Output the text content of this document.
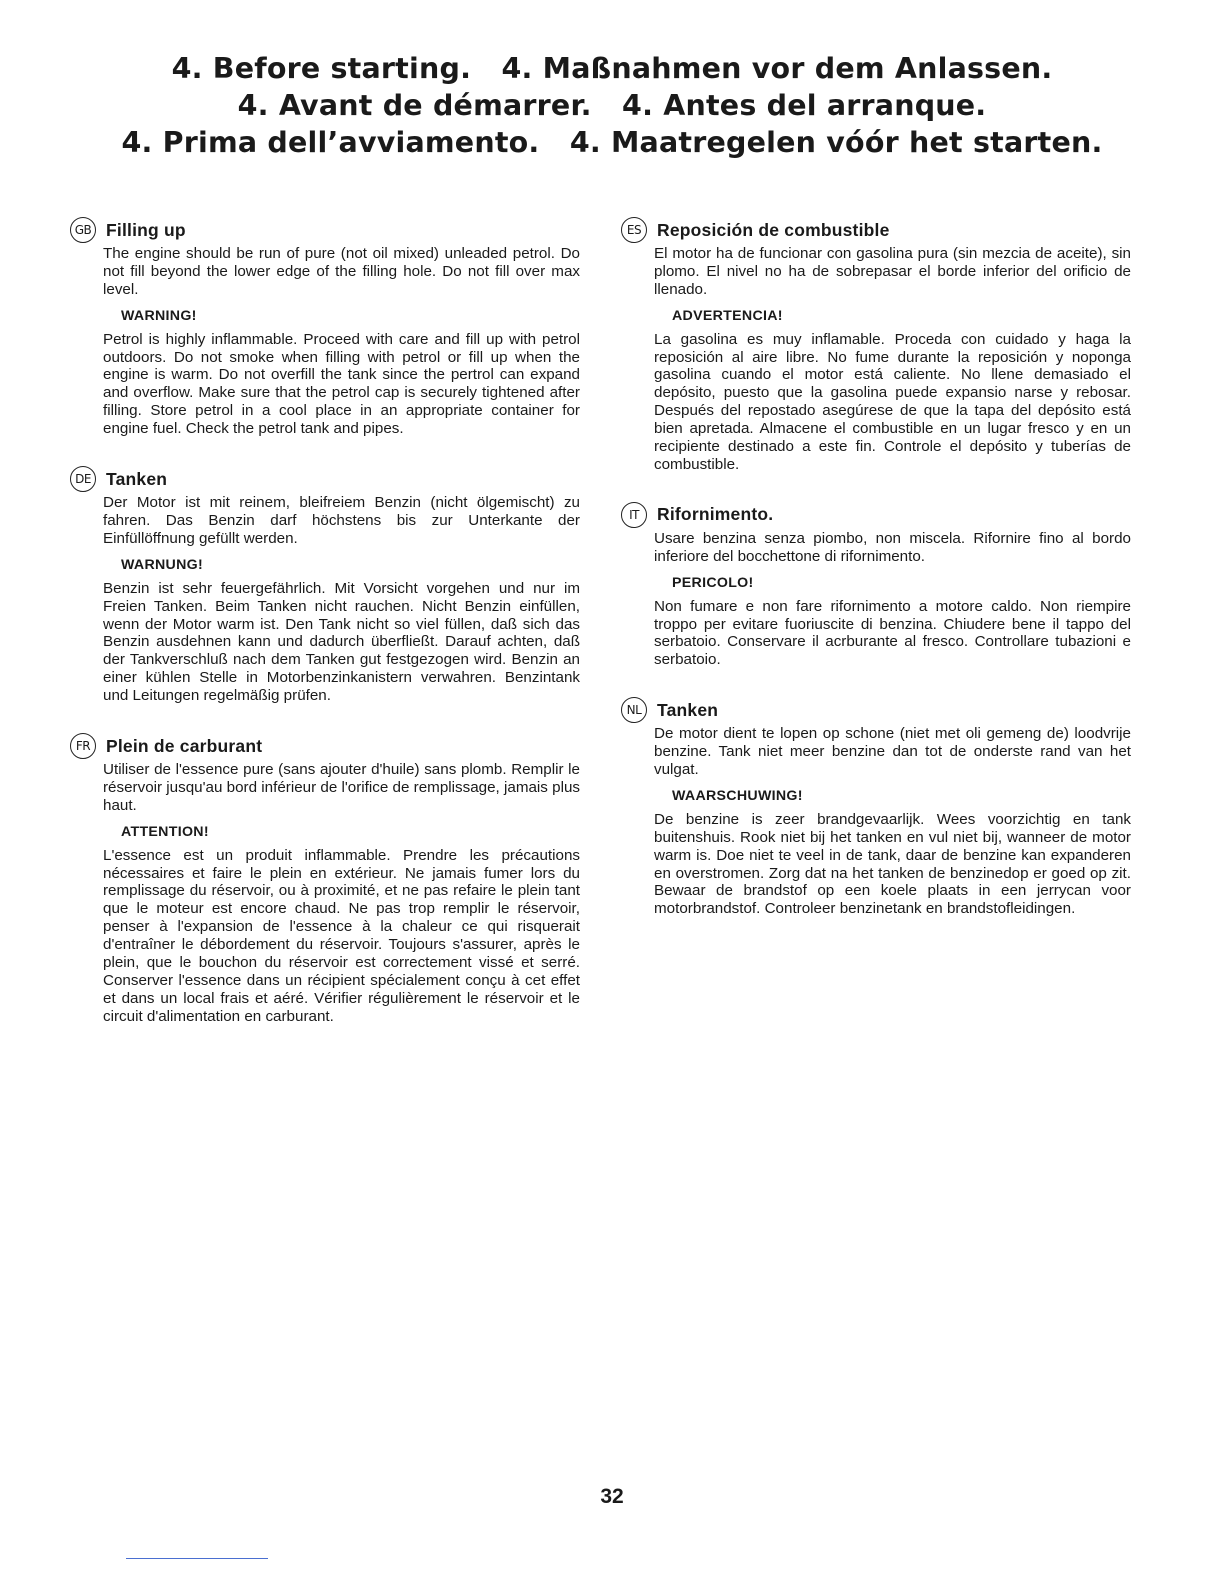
4. Before starting.   4. Maßnahmen vor dem Anlassen.
4. Avant de démarrer.   4. Antes del arranque.
4. Prima dell’avviamento.   4. Maatregelen vóór het starten.
GB Filling up

The engine should be run of pure (not oil mixed) unleaded petrol. Do not fill beyond the lower edge of the filling hole. Do not fill over max level.

WARNING!

Petrol is highly inflammable. Proceed with care and fill up with petrol outdoors. Do not smoke when filling with petrol or fill up when the engine is warm. Do not overfill the tank since the pertrol can expand and overflow. Make sure that the petrol cap is securely tightened after filling. Store petrol in a cool place in an appropriate container for engine fuel. Check the petrol tank and pipes.

DE Tanken

Der Motor ist mit reinem, bleifreiem Benzin (nicht ölgemischt) zu fahren. Das Benzin darf höchstens bis zur Unterkante der Einfüllöffnung gefüllt werden.

WARNUNG!

Benzin ist sehr feuergefährlich. Mit Vorsicht vorgehen und nur im Freien Tanken. Beim Tanken nicht rauchen. Nicht Benzin einfüllen, wenn der Motor warm ist. Den Tank nicht so viel füllen, daß sich das Benzin ausdehnen kann und dadurch überfließt. Darauf achten, daß der Tankverschluß nach dem Tanken gut festgezogen wird. Benzin an einer kühlen Stelle in Motorbenzinkanistern verwahren. Benzintank und Leitungen regelmäßig prüfen.

FR Plein de carburant

Utiliser de l'essence pure (sans ajouter d'huile) sans plomb. Remplir le réservoir jusqu'au bord inférieur de l'orifice de remplissage, jamais plus haut.

ATTENTION!

L'essence est un produit inflammable. Prendre les précautions nécessaires et faire le plein en extérieur. Ne jamais fumer lors du remplissage du réservoir, ou à proximité, et ne pas refaire le plein tant que le moteur est encore chaud. Ne pas trop remplir le réservoir, penser à l'expansion de l'essence à la chaleur ce qui risquerait d'entraîner le débordement du réservoir. Toujours s'assurer, après le plein, que le bouchon du réservoir est correctement vissé et serré. Conserver l'essence dans un récipient spécialement conçu à cet effet et dans un local frais et aéré. Vérifier régulièrement le réservoir et le circuit d'alimentation en carburant.

ES Reposición de combustible

El motor ha de funcionar con gasolina pura (sin mezcia de aceite), sin plomo. El nivel no ha de sobrepasar el borde inferior del orificio de llenado.

ADVERTENCIA!

La gasolina es muy inflamable. Proceda con cuidado y haga la reposición al aire libre. No fume durante la reposición y noponga gasolina cuando el motor está caliente. No llene demasiado el depósito, puesto que la gasolina puede expansio narse y rebosar. Después del repostado asegúrese de que la tapa del depósito está bien apretada. Almacene el combustible en un lugar fresco y en un recipiente destinado a este fin. Controle el depósito y tuberías de combustible.

IT	Rifornimento.

Usare benzina senza piombo, non miscela. Rifornire fino al bordo inferiore del bocchettone di rifornimento.

PERICOLO!

Non fumare e non fare rifornimento a motore caldo. Non riempire troppo per evitare fuoriuscite di benzina. Chiudere bene il tappo del serbatoio. Conservare il acrburante al fresco. Controllare tubazioni e serbatoio.

NL Tanken

De motor dient te lopen op schone (niet met oli gemeng de) loodvrije benzine. Tank niet meer benzine dan tot de onderste rand van het vulgat.

WAARSCHUWING!

De benzine is zeer brandgevaarlijk. Wees voorzichtig en tank buitenshuis. Rook niet bij het tanken en vul niet bij, wanneer de motor warm is. Doe niet te veel in de tank, daar de benzine kan expanderen en overstromen. Zorg dat na het tanken de benzinedop er goed op zit. Bewaar de brandstof op een koele plaats in een jerrycan voor motorbrandstof. Controleer benzinetank en brandstofleidingen.

32
